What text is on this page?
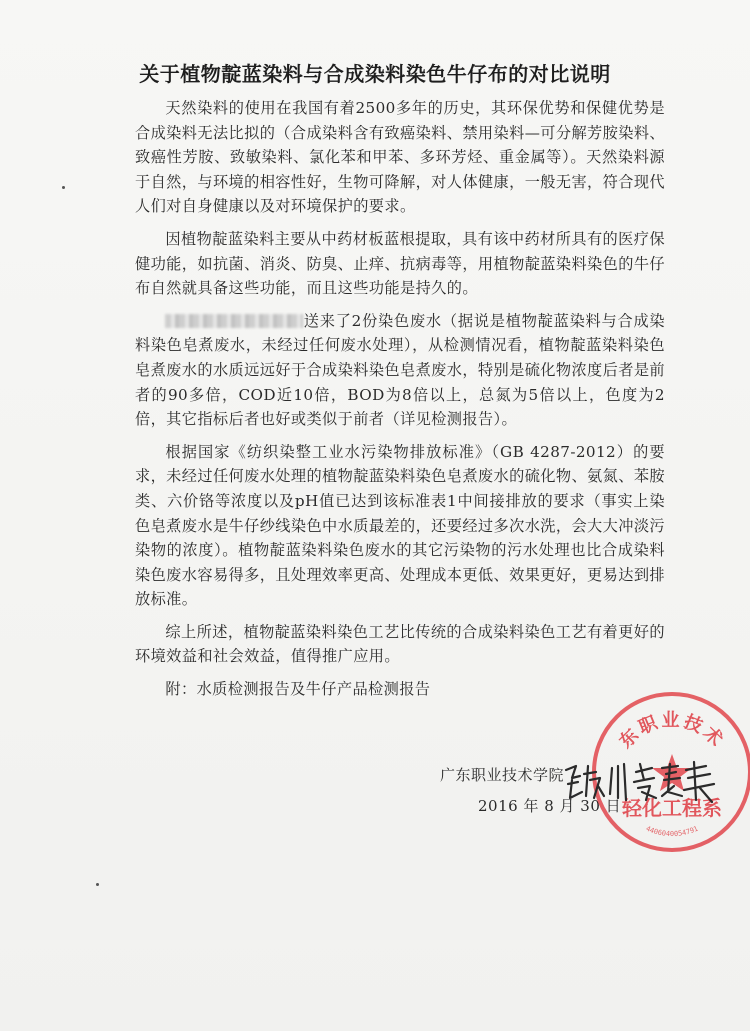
关于植物靛蓝染料与合成染料染色牛仔布的对比说明

天然染料的使用在我国有着2500多年的历史，其环保优势和保健优势是合成染料无法比拟的（合成染料含有致癌染料、禁用染料—可分解芳胺染料、致癌性芳胺、致敏染料、氯化苯和甲苯、多环芳烃、重金属等）。天然染料源于自然，与环境的相容性好，生物可降解，对人体健康，一般无害，符合现代人们对自身健康以及对环境保护的要求。

因植物靛蓝染料主要从中药材板蓝根提取，具有该中药材所具有的医疗保健功能，如抗菌、消炎、防臭、止痒、抗病毒等，用植物靛蓝染料染色的牛仔布自然就具备这些功能，而且这些功能是持久的。

送来了2份染色废水（据说是植物靛蓝染料与合成染料染色皂煮废水，未经过任何废水处理），从检测情况看，植物靛蓝染料染色皂煮废水的水质远远好于合成染料染色皂煮废水，特别是硫化物浓度后者是前者的90多倍，COD近10倍，BOD为8倍以上，总氮为5倍以上，色度为2倍，其它指标后者也好或类似于前者（详见检测报告）。

根据国家《纺织染整工业水污染物排放标准》（GB 4287-2012）的要求，未经过任何废水处理的植物靛蓝染料染色皂煮废水的硫化物、氨氮、苯胺类、六价铬等浓度以及pH值已达到该标准表1中间接排放的要求（事实上染色皂煮废水是牛仔纱线染色中水质最差的，还要经过多次水洗，会大大冲淡污染物的浓度）。植物靛蓝染料染色废水的其它污染物的污水处理也比合成染料染色废水容易得多，且处理效率更高、处理成本更低、效果更好，更易达到排放标准。

综上所述，植物靛蓝染料染色工艺比传统的合成染料染色工艺有着更好的环境效益和社会效益，值得推广应用。

附：水质检测报告及牛仔产品检测报告

广东职业技术学院
2016 年 8 月 30 日
东职业技术
轻化工程系
4406040054791
